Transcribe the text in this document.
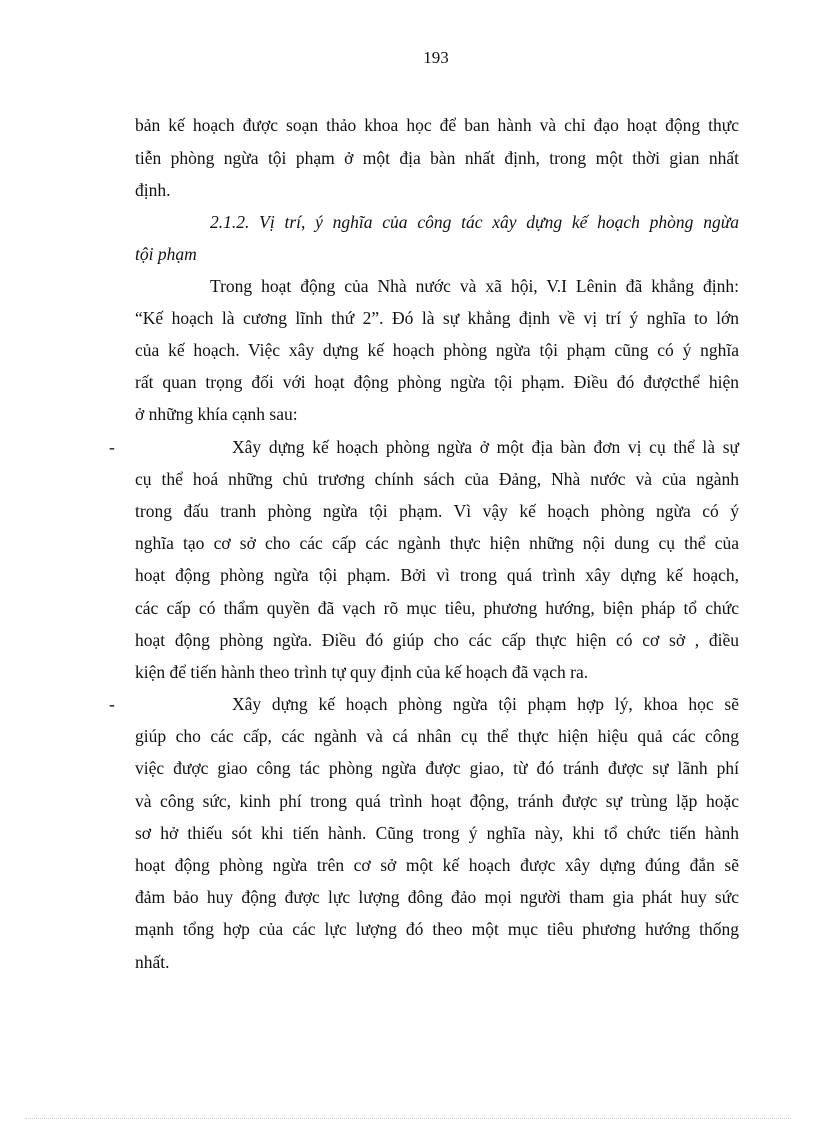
193
bản kế hoạch được soạn thảo khoa học để ban hành và chỉ đạo hoạt động thực
tiễn phòng ngừa tội phạm ở một địa bàn nhất định, trong một thời gian nhất
định.
2.1.2. Vị trí, ý nghĩa của công tác xây dựng kế hoạch phòng ngừa
tội phạm
Trong hoạt động của Nhà nước và xã hội, V.I Lênin đã khẳng định:
“Kế hoạch là cương lĩnh thứ 2”. Đó là sự khẳng định về vị trí ý nghĩa to lớn
của kế hoạch. Việc xây dựng kế hoạch phòng ngừa tội phạm cũng có ý nghĩa
rất quan trọng đối với hoạt động phòng ngừa tội phạm. Điều đó đượcthể hiện
ở những khía cạnh sau:
-	Xây dựng kế hoạch phòng ngừa ở một địa bàn đơn vị cụ thể là sự
cụ thể hoá những chủ trương chính sách của Đảng, Nhà nước và của ngành
trong đấu tranh phòng ngừa tội phạm. Vì vậy kế hoạch phòng ngừa có ý
nghĩa tạo cơ sở cho các cấp các ngành thực hiện những nội dung cụ thể của
hoạt động phòng ngừa tội phạm. Bởi vì trong quá trình xây dựng kế hoạch,
các cấp có thẩm quyền đã vạch rõ mục tiêu, phương hướng, biện pháp tổ chức
hoạt động phòng ngừa. Điều đó giúp cho các cấp thực hiện có cơ sở , điều
kiện để tiến hành theo trình tự quy định của kế hoạch đã vạch ra.
-	Xây dựng kế hoạch phòng ngừa tội phạm hợp lý, khoa học sẽ
giúp cho các cấp, các ngành và cá nhân cụ thể thực hiện hiệu quả các công
việc được giao công tác phòng ngừa được giao, từ đó tránh được sự lãnh phí
và công sức, kinh phí trong quá trình hoạt động, tránh được sự trùng lặp hoặc
sơ hở thiếu sót khi tiến hành. Cũng trong ý nghĩa này, khi tổ chức tiến hành
hoạt động phòng ngừa trên cơ sở một kế hoạch được xây dựng đúng đắn sẽ
đảm bảo huy động được lực lượng đông đảo mọi người tham gia phát huy sức
mạnh tổng hợp của các lực lượng đó theo một mục tiêu phương hướng thống
nhất.
